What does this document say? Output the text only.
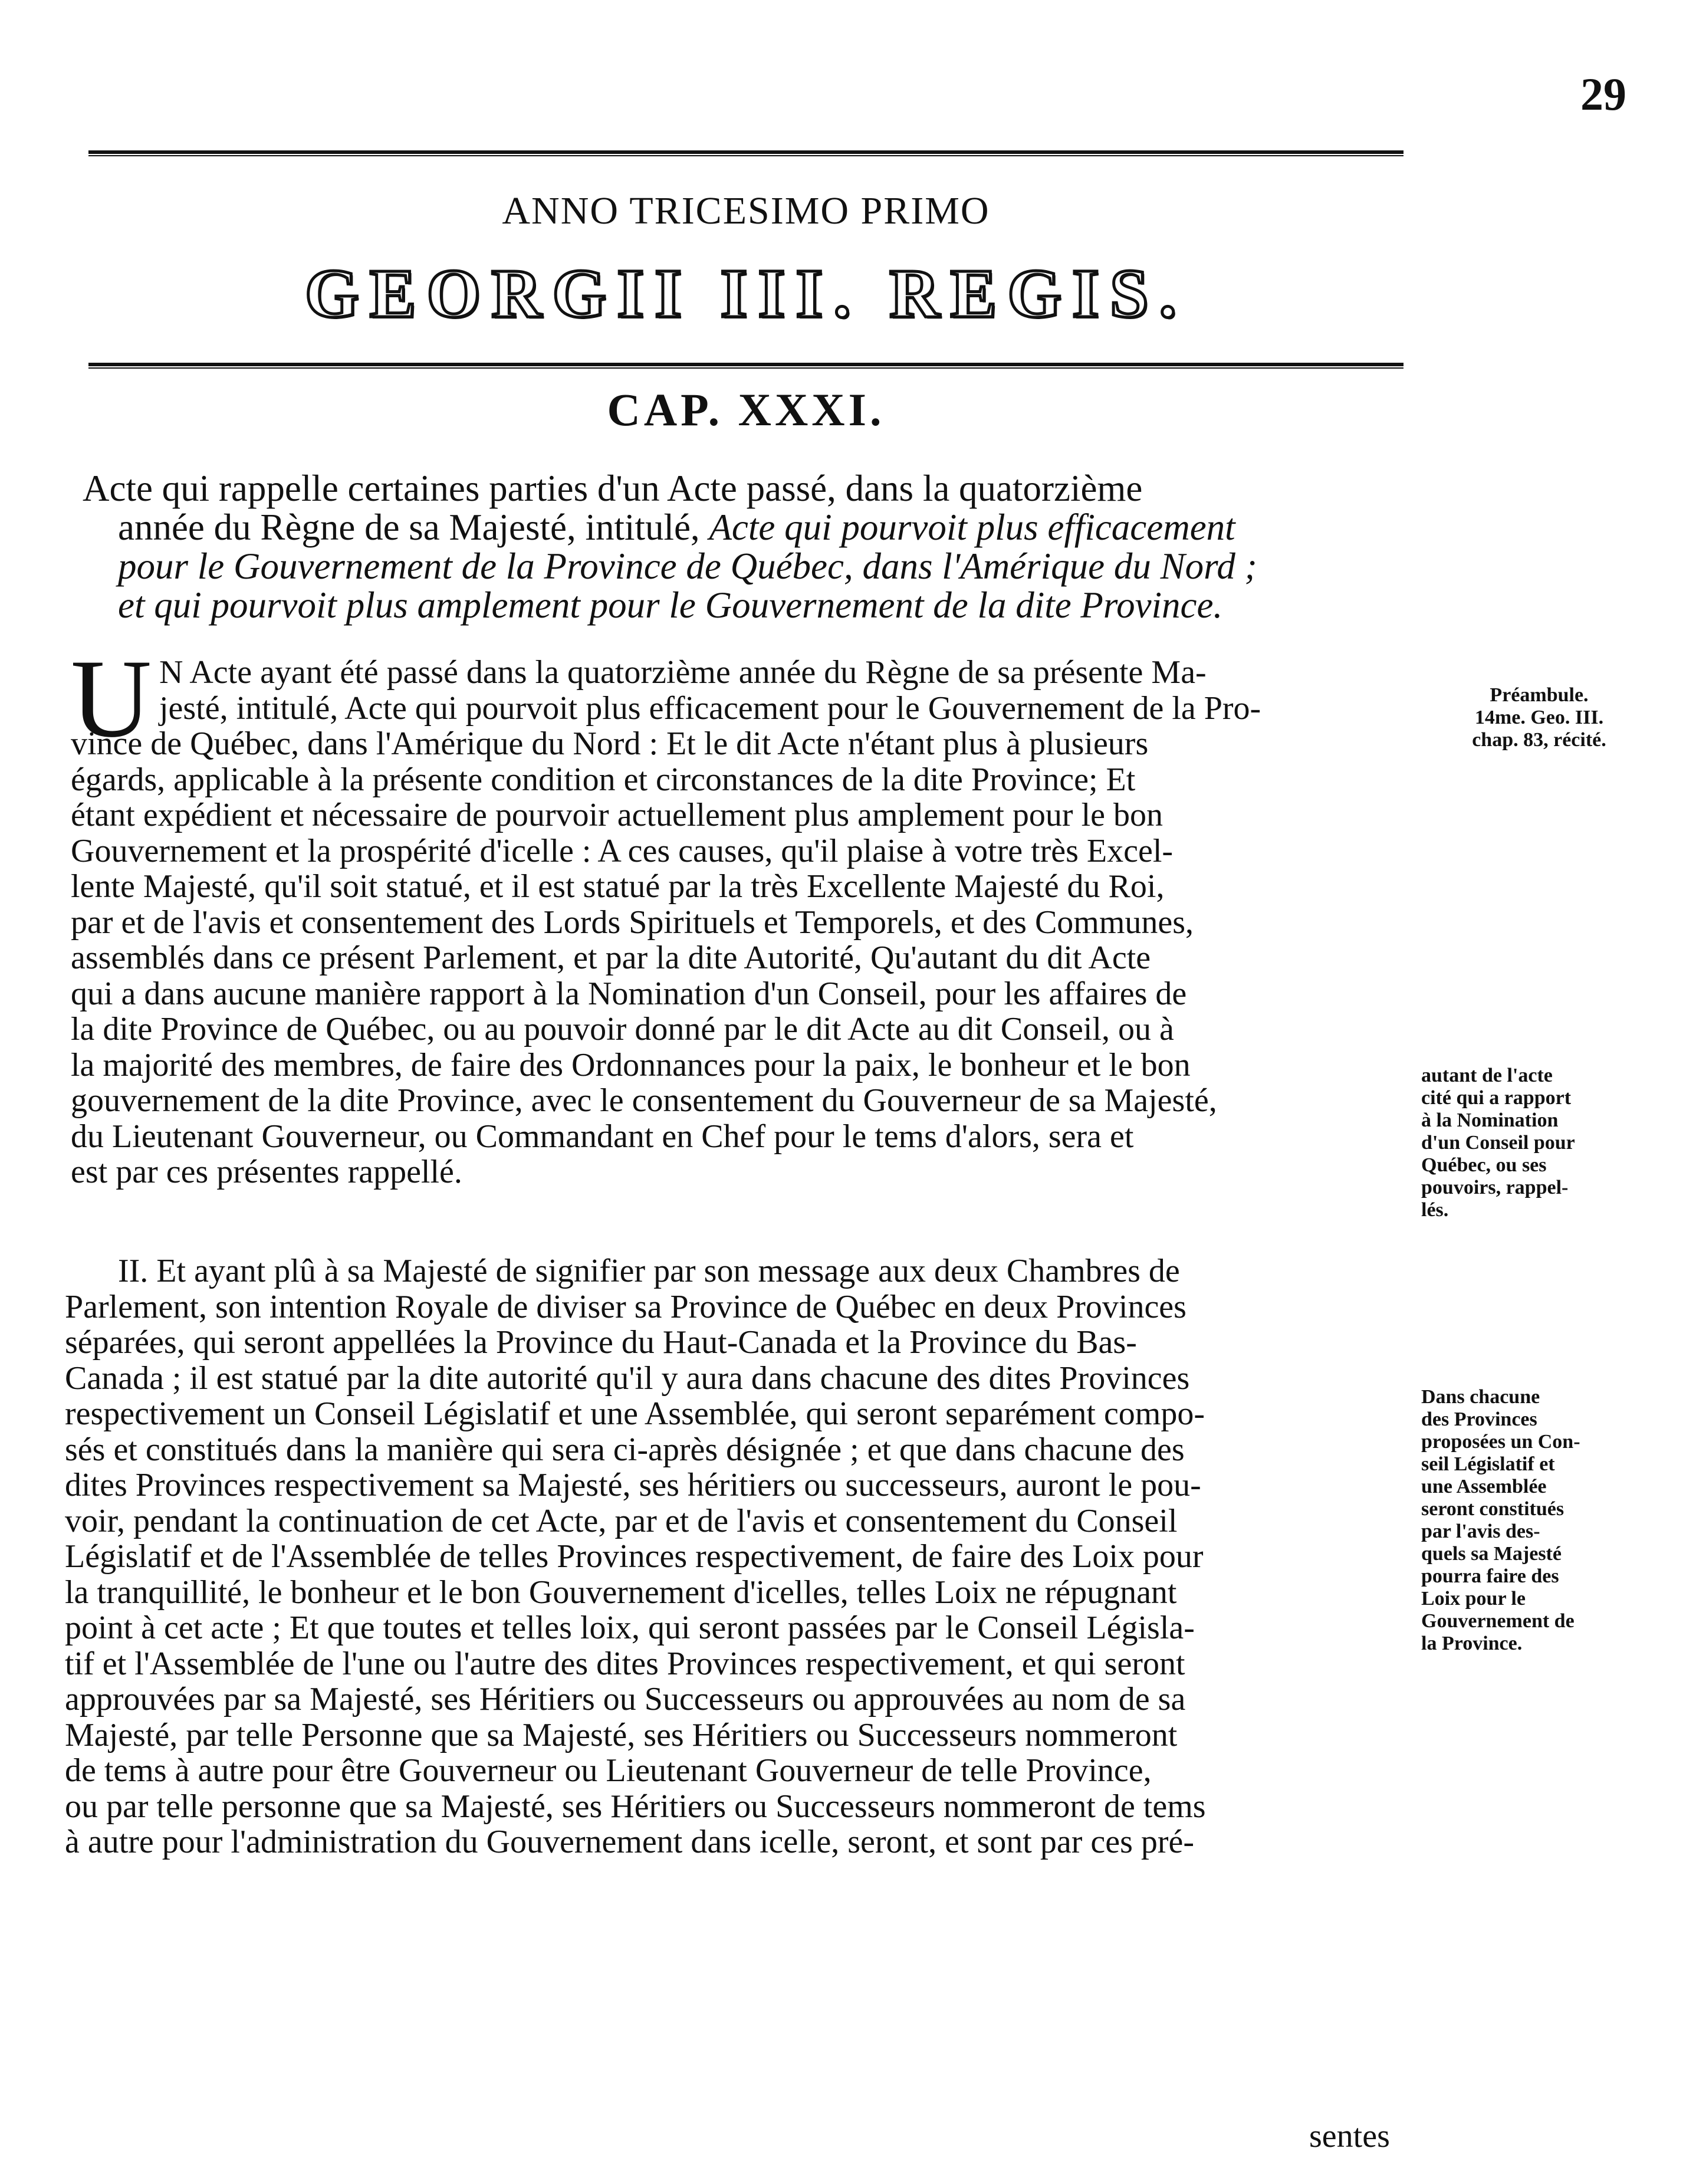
29
ANNO TRICESIMO PRIMO
GEORGII III. REGIS.
CAP. XXXI.
Acte qui rappelle certaines parties d'un Acte passé, dans la quatorzième
année du Règne de sa Majesté, intitulé, Acte qui pourvoit plus efficacement
pour le Gouvernement de la Province de Québec, dans l'Amérique du Nord ;
et qui pourvoit plus amplement pour le Gouvernement de la dite Province.
U N Acte ayant été passé dans la quatorzième année du Règne de sa présente Ma-
jesté, intitulé, Acte qui pourvoit plus efficacement pour le Gouvernement de la Pro-
vince de Québec, dans l'Amérique du Nord : Et le dit Acte n'étant plus à plusieurs
égards, applicable à la présente condition et circonstances de la dite Province; Et
étant expédient et nécessaire de pourvoir actuellement plus amplement pour le bon
Gouvernement et la prospérité d'icelle : A ces causes, qu'il plaise à votre très Excel-
lente Majesté, qu'il soit statué, et il est statué par la très Excellente Majesté du Roi,
par et de l'avis et consentement des Lords Spirituels et Temporels, et des Communes,
assemblés dans ce présent Parlement, et par la dite Autorité, Qu'autant du dit Acte
qui a dans aucune manière rapport à la Nomination d'un Conseil, pour les affaires de
la dite Province de Québec, ou au pouvoir donné par le dit Acte au dit Conseil, ou à
la majorité des membres, de faire des Ordonnances pour la paix, le bonheur et le bon
gouvernement de la dite Province, avec le consentement du Gouverneur de sa Majesté,
du Lieutenant Gouverneur, ou Commandant en Chef pour le tems d'alors, sera et
est par ces présentes rappellé.
II. Et ayant plû à sa Majesté de signifier par son message aux deux Chambres de
Parlement, son intention Royale de diviser sa Province de Québec en deux Provinces
séparées, qui seront appellées la Province du Haut-Canada et la Province du Bas-
Canada ; il est statué par la dite autorité qu'il y aura dans chacune des dites Provinces
respectivement un Conseil Législatif et une Assemblée, qui seront separément compo-
sés et constitués dans la manière qui sera ci-après désignée ; et que dans chacune des
dites Provinces respectivement sa Majesté, ses héritiers ou successeurs, auront le pou-
voir, pendant la continuation de cet Acte, par et de l'avis et consentement du Conseil
Législatif et de l'Assemblée de telles Provinces respectivement, de faire des Loix pour
la tranquillité, le bonheur et le bon Gouvernement d'icelles, telles Loix ne répugnant
point à cet acte ; Et que toutes et telles loix, qui seront passées par le Conseil Législa-
tif et l'Assemblée de l'une ou l'autre des dites Provinces respectivement, et qui seront
approuvées par sa Majesté, ses Héritiers ou Successeurs ou approuvées au nom de sa
Majesté, par telle Personne que sa Majesté, ses Héritiers ou Successeurs nommeront
de tems à autre pour être Gouverneur ou Lieutenant Gouverneur de telle Province,
ou par telle personne que sa Majesté, ses Héritiers ou Successeurs nommeront de tems
à autre pour l'administration du Gouvernement dans icelle, seront, et sont par ces pré-
sentes
Préambule.
14me. Geo. III.
chap. 83, récité.
autant de l'acte
cité qui a rapport
à la Nomination
d'un Conseil pour
Québec, ou ses
pouvoirs, rappel-
lés.
Dans chacune
des Provinces
proposées un Con-
seil Législatif et
une Assemblée
seront constitués
par l'avis des-
quels sa Majesté
pourra faire des
Loix pour le
Gouvernement de
la Province.
